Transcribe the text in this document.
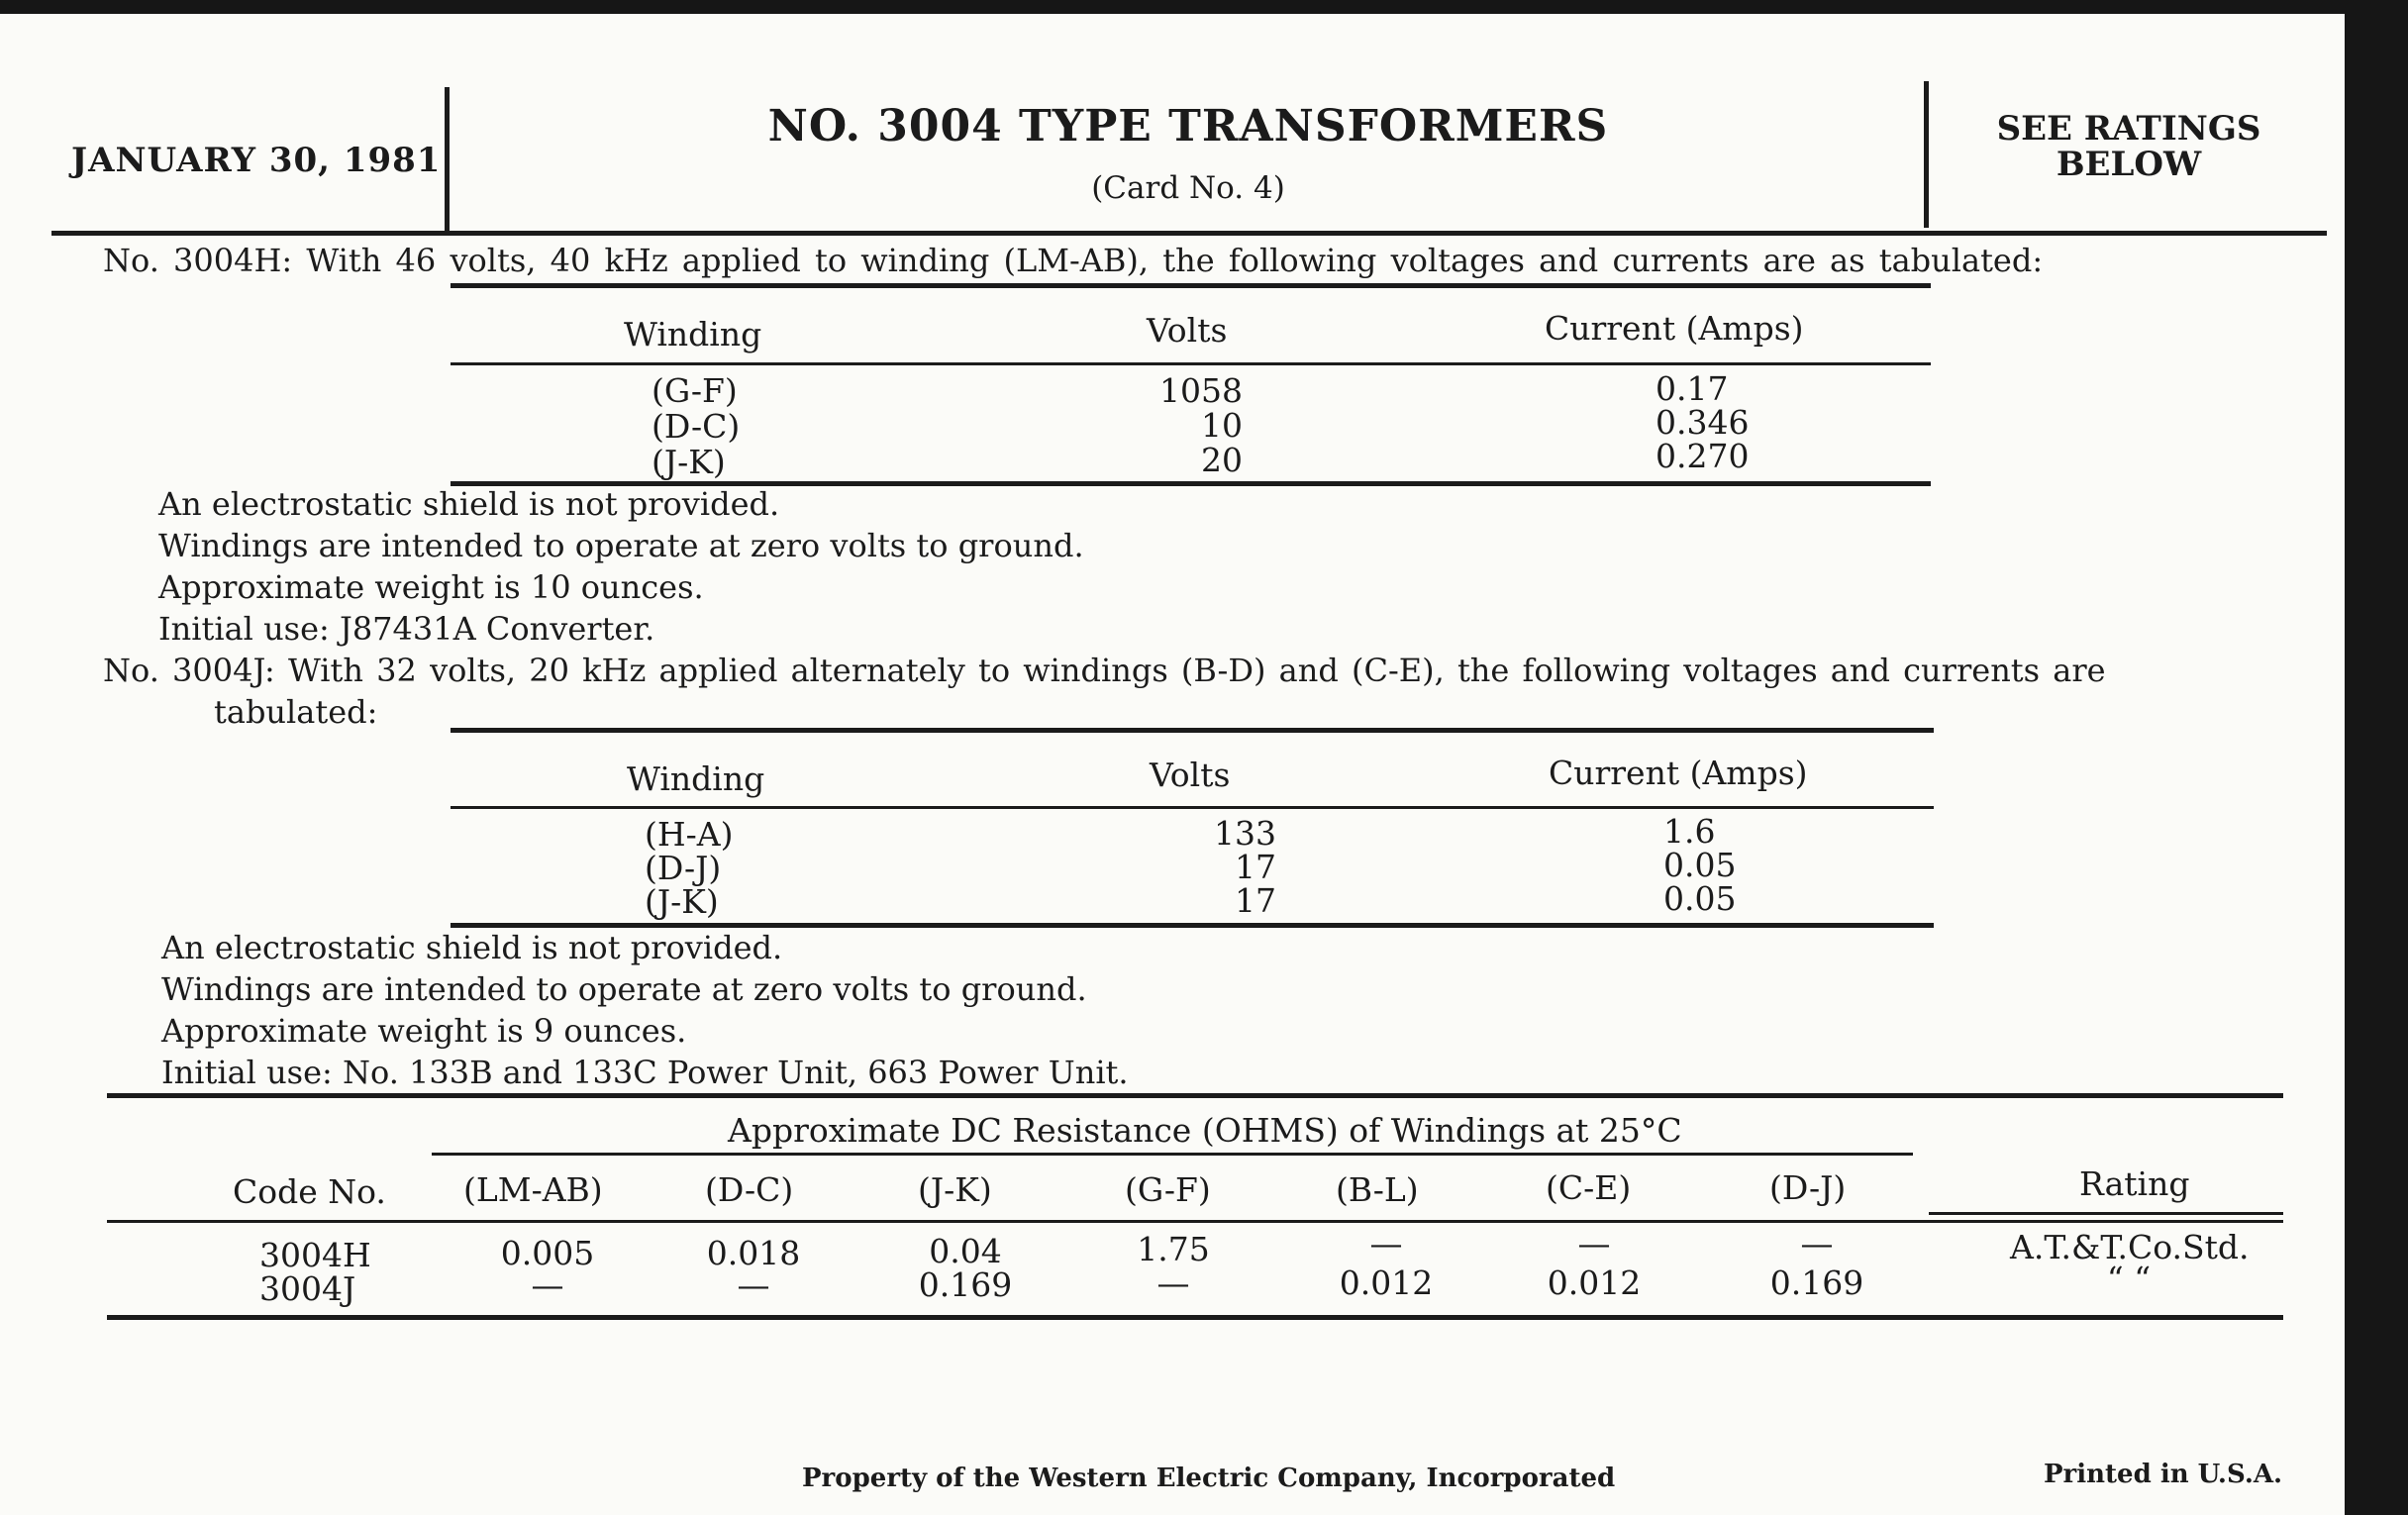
JANUARY 30, 1981
NO. 3004 TYPE TRANSFORMERS
(Card No. 4)
SEE RATINGS
BELOW
No. 3004H: With 46 volts, 40 kHz applied to winding (LM-AB), the following voltages and currents are as tabulated:
Winding	Volts	Current (Amps)
(G-F)	1058	0.17
(D-C)	10	0.346
(J-K)	20	0.270
An electrostatic shield is not provided.
Windings are intended to operate at zero volts to ground.
Approximate weight is 10 ounces.
Initial use: J87431A Converter.
No. 3004J: With 32 volts, 20 kHz applied alternately to windings (B-D) and (C-E), the following voltages and currents are
tabulated:
Winding	Volts	Current (Amps)
(H-A)	133	1.6
(D-J)	17	0.05
(J-K)	17	0.05
An electrostatic shield is not provided.
Windings are intended to operate at zero volts to ground.
Approximate weight is 9 ounces.
Initial use: No. 133B and 133C Power Unit, 663 Power Unit.
Approximate DC Resistance (OHMS) of Windings at 25°C
Code No. (LM-AB)	(D-C)	(J-K)	(G-F)	(B-L)	(C-E)	(D-J)	Rating
3004H	0.005	0.018	0.04	1.75	—	—	—	A.T.&T.Co.Std.
3004J	—	—	0.169	—	0.012	0.012	0.169	“ “
Property of the Western Electric Company, Incorporated	Printed in U.S.A.
